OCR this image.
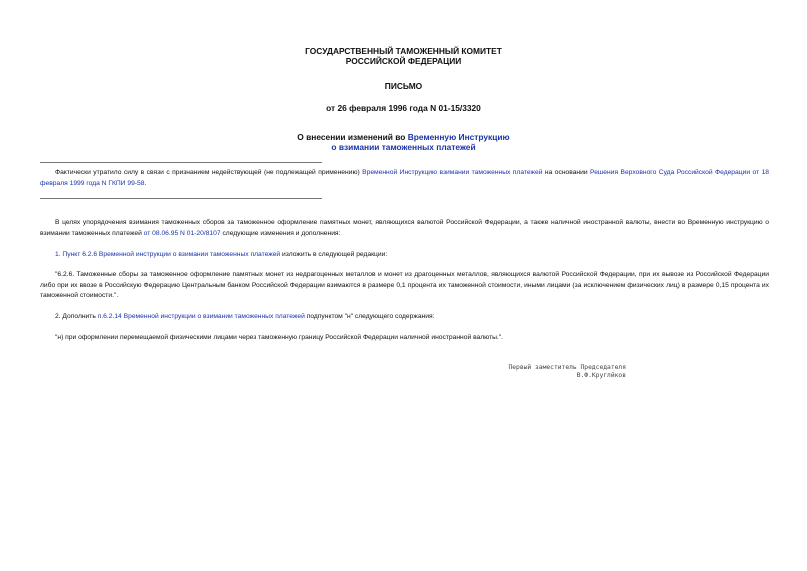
ГОСУДАРСТВЕННЫЙ ТАМОЖЕННЫЙ КОМИТЕТ
РОССИЙСКОЙ ФЕДЕРАЦИИ
ПИСЬМО
от 26 февраля 1996 года N 01-15/3320
О внесении изменений во Временную Инструкцию
о взимании таможенных платежей
Фактически утратило силу в связи с признанием недействующей (не подлежащей применению) Временной Инструкцию взимании таможенных платежей на основании Решения Верховного Суда Российской Федерации от 18 февраля 1999 года N ГКПИ 99-58.
В целях упорядочения взимания таможенных сборов за таможенное оформление памятных монет, являющихся валютой Российской Федерации, а также наличной иностранной валюты, внести во Временную инструкцию о взимании таможенных платежей от 08.06.95 N 01-20/8107 следующие изменения и дополнения:
1. Пункт 6.2.6 Временной инструкции о взимании таможенных платежей изложить в следующей редакции:
"6.2.6. Таможенные сборы за таможенное оформление памятных монет из недрагоценных металлов и монет из драгоценных металлов, являющихся валютой Российской Федерации, при их вывозе из Российской Федерации либо при их ввозе в Российскую Федерацию Центральным банком Российской Федерации взимаются в размере 0,1 процента их таможенной стоимости, иными лицами (за исключением физических лиц) в размере 0,15 процента их таможенной стоимости.".
2. Дополнить п.6.2.14 Временной инструкции о взимании таможенных платежей подпунктом "н" следующего содержания:
"н) при оформлении перемещаемой физическими лицами через таможенную границу Российской Федерации наличной иностранной валюты.".
Первый заместитель Председателя
В.Ф.Круглйков
